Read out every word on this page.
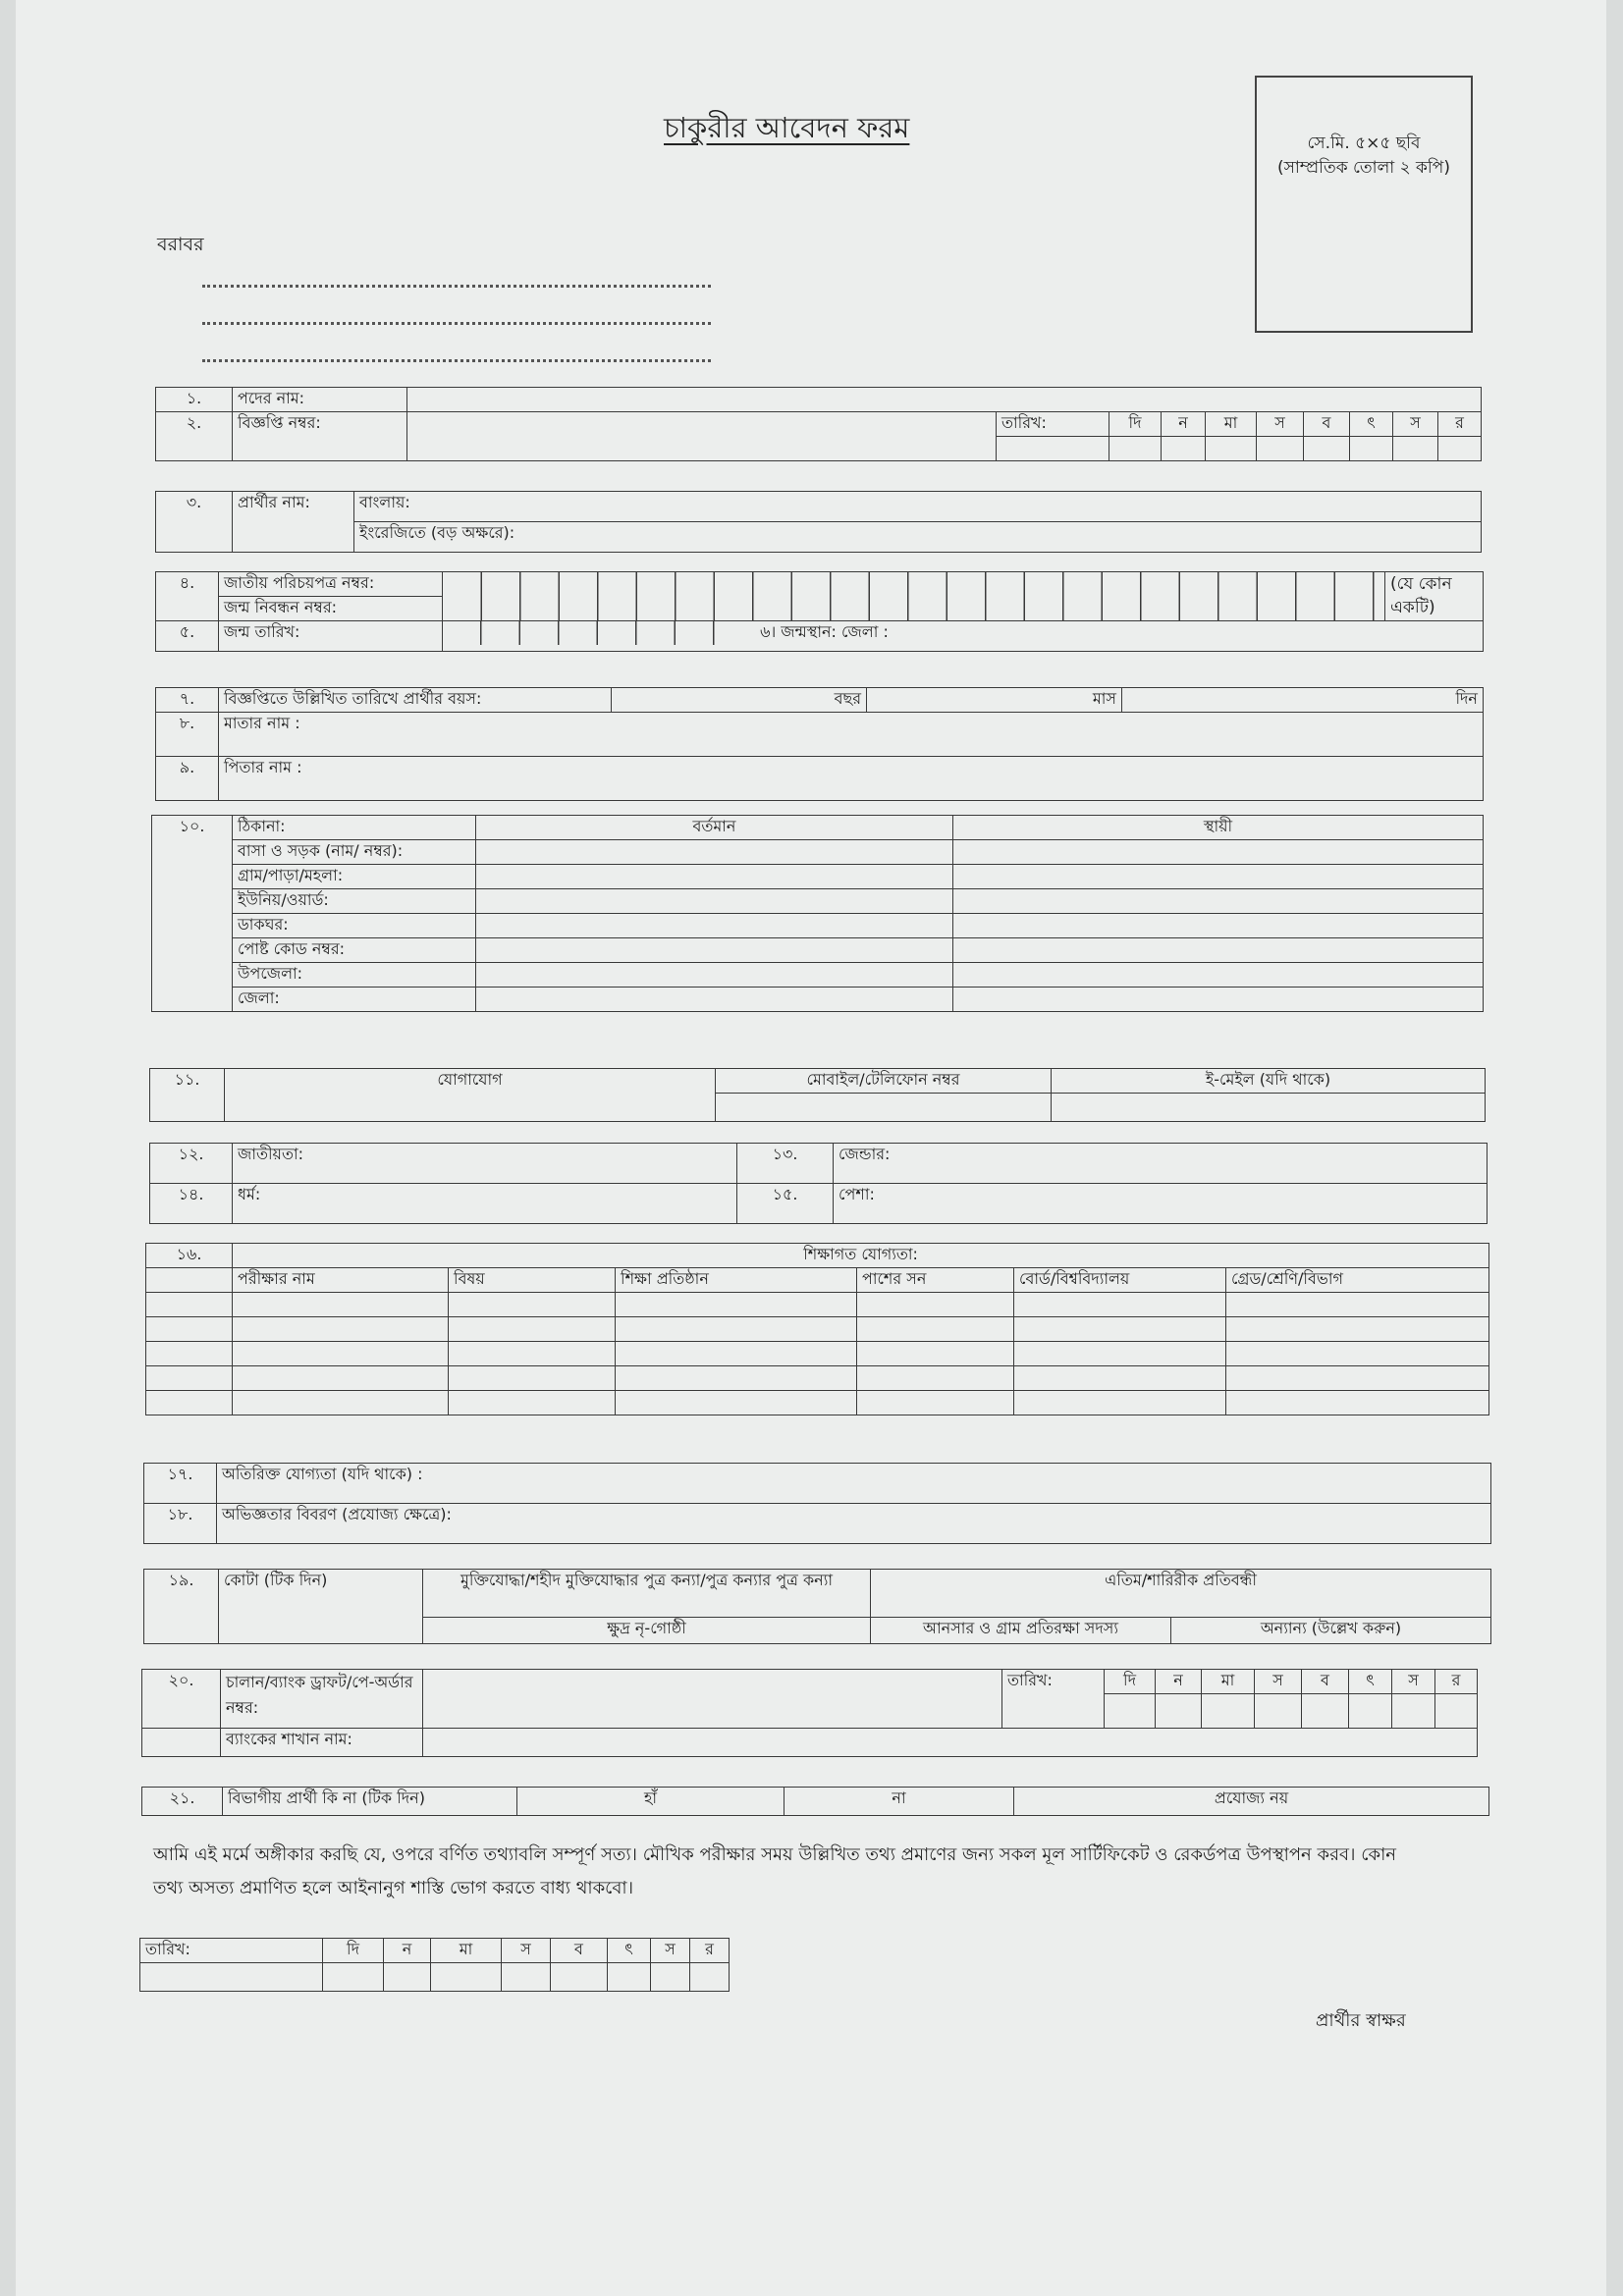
চাকুরীর আবেদন ফরম	সে.মি. ৫×৫ ছবি (সাম্প্রতিক তোলা ২ কপি)
বরাবর
১.	পদের নাম:										
২.	বিজ্ঞপ্তি নম্বর:		তারিখ:	দি	ন	মা	স	ব	ৎ	স	র

৩.	প্রার্থীর নাম:	বাংলায়:
ইংরেজিতে (বড় অক্ষরে):
৪.	জাতীয় পরিচয়পত্র নম্বর:		(যে কোন একটি)
	জন্ম নিবন্ধন নম্বর:		
৫.	জন্ম তারিখ:	৬। জন্মস্থান: জেলা :	
৭.	বিজ্ঞপ্তিতে উল্লিখিত তারিখে প্রার্থীর বয়স:	বছর	মাস	দিন
৮.	মাতার নাম :			
৯.	পিতার নাম :			
১০.	ঠিকানা:	বর্তমান	স্থায়ী
	বাসা ও সড়ক (নাম/ নম্বর):		
	গ্রাম/পাড়া/মহলা:		
	ইউনিয়/ওয়ার্ড:		
	ডাকঘর:		
	পোষ্ট কোড নম্বর:		
	উপজেলা:		
	জেলা:		
১১.	যোগাযোগ	মোবাইল/টেলিফোন নম্বর	ই-মেইল (যদি থাকে)

১২.	জাতীয়তা:	১৩.	জেন্ডার:
১৪.	ধর্ম:	১৫.	পেশা:
১৬.	শিক্ষাগত যোগ্যতা:					
	পরীক্ষার নাম	বিষয়	শিক্ষা প্রতিষ্ঠান	পাশের সন	বোর্ড/বিশ্ববিদ্যালয়	গ্রেড/শ্রেণি/বিভাগ

১৭.	অতিরিক্ত যোগ্যতা (যদি থাকে) :
১৮.	অভিজ্ঞতার বিবরণ (প্রযোজ্য ক্ষেত্রে):
১৯.	কোটা (টিক দিন)	মুক্তিযোদ্ধা/শহীদ মুক্তিযোদ্ধার পুত্র কন্যা/পুত্র কন্যার পুত্র কন্যা	এতিম/শারিরীক প্রতিবন্ধী	
		ক্ষুদ্র নৃ-গোষ্ঠী	আনসার ও গ্রাম প্রতিরক্ষা সদস্য	অন্যান্য (উল্লেখ করুন)
২০.	চালান/ব্যাংক ড্রাফট/পে-অর্ডার নম্বর:		তারিখ:	দি	ন	মা	স	ব	ৎ	স	র

	ব্যাংকের শাখান নাম:										
২১.	বিভাগীয় প্রার্থী কি না (টিক দিন)	হাঁ	না	প্রযোজ্য নয়
আমি এই মর্মে অঙ্গীকার করছি যে, ওপরে বর্ণিত তথ্যাবলি সম্পূর্ণ সত্য। মৌখিক পরীক্ষার সময় উল্লিখিত তথ্য প্রমাণের জন্য সকল মূল সার্টিফিকেট ও রেকর্ডপত্র উপস্থাপন করব। কোন তথ্য অসত্য প্রমাণিত হলে আইনানুগ শাস্তি ভোগ করতে বাধ্য থাকবো।
তারিখ:	দি	ন	মা	স	ব	ৎ	স	র

প্রার্থীর স্বাক্ষর
